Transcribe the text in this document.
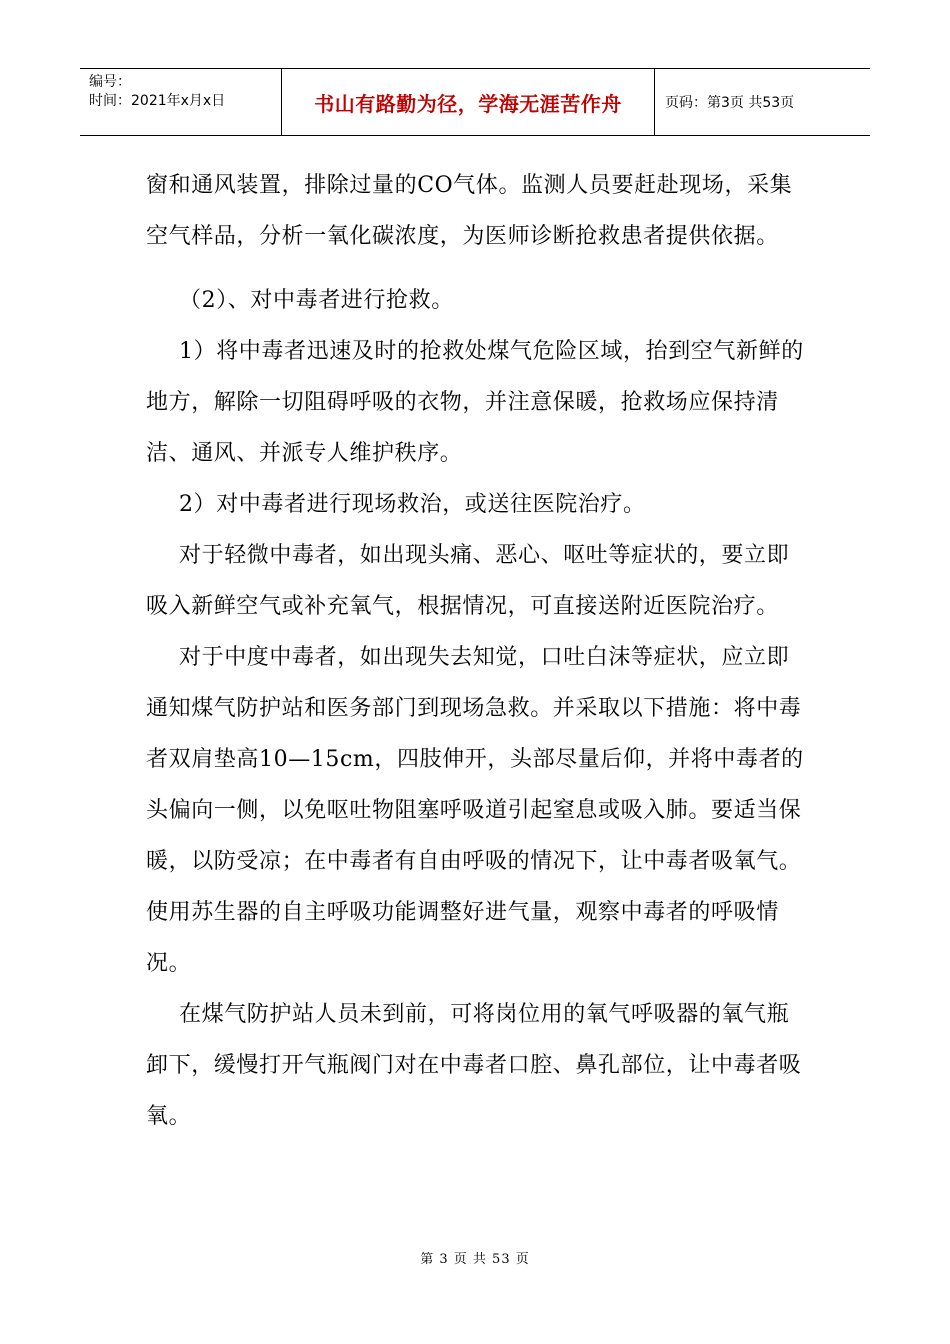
编号：
时间：2021年x月x日	书山有路勤为径，学海无涯苦作舟	页码：第3页 共53页

窗和通风装置，排除过量的CO气体。监测人员要赶赴现场，采集空气样品，分析一氧化碳浓度，为医师诊断抢救患者提供依据。

（2）、对中毒者进行抢救。

1）将中毒者迅速及时的抢救处煤气危险区域，抬到空气新鲜的地方，解除一切阻碍呼吸的衣物，并注意保暖，抢救场应保持清洁、通风、并派专人维护秩序。

2）对中毒者进行现场救治，或送往医院治疗。

对于轻微中毒者，如出现头痛、恶心、呕吐等症状的，要立即吸入新鲜空气或补充氧气，根据情况，可直接送附近医院治疗。

对于中度中毒者，如出现失去知觉，口吐白沫等症状，应立即通知煤气防护站和医务部门到现场急救。并采取以下措施：将中毒者双肩垫高10—15cm，四肢伸开，头部尽量后仰，并将中毒者的头偏向一侧，以免呕吐物阻塞呼吸道引起窒息或吸入肺。要适当保暖，以防受凉；在中毒者有自由呼吸的情况下，让中毒者吸氧气。使用苏生器的自主呼吸功能调整好进气量，观察中毒者的呼吸情况。

在煤气防护站人员未到前，可将岗位用的氧气呼吸器的氧气瓶卸下，缓慢打开气瓶阀门对在中毒者口腔、鼻孔部位，让中毒者吸氧。

第 3 页 共 53 页
